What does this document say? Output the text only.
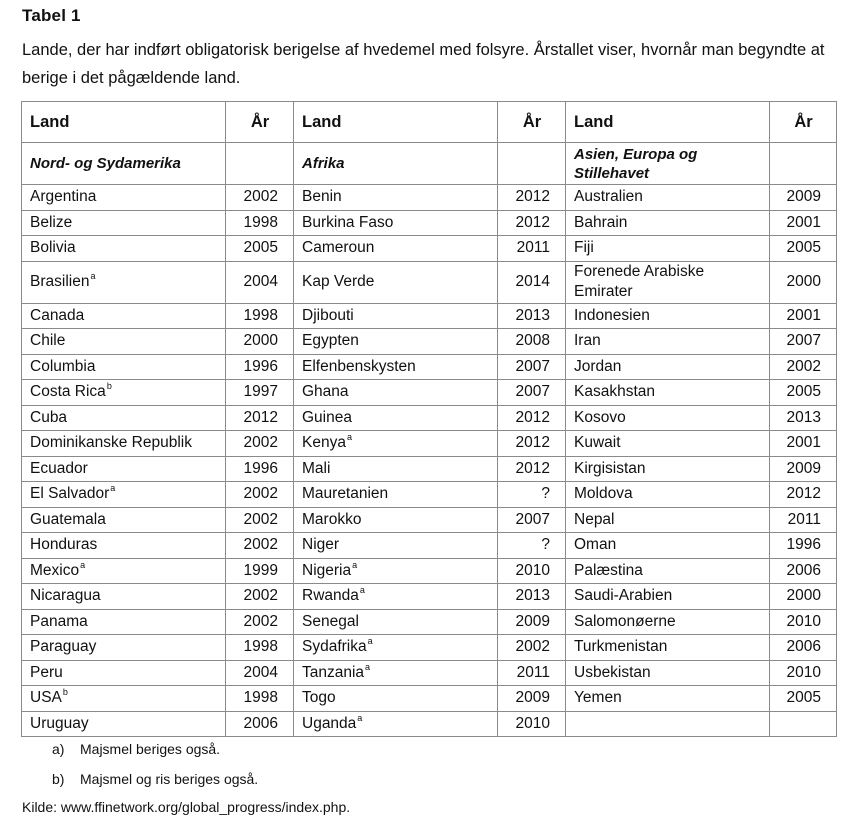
Tabel 1
Lande, der har indført obligatorisk berigelse af hvedemel med folsyre. Årstallet viser, hvornår man begyndte at berige i det pågældende land.
Land	År	Land	År	Land	År
Nord- og Sydamerika		Afrika		Asien, Europa og Stillehavet	
Argentina	2002	Benin	2012	Australien	2009
Belize	1998	Burkina Faso	2012	Bahrain	2001
Bolivia	2005	Cameroun	2011	Fiji	2005
Brasilien$^a$	2004	Kap Verde	2014	Forenede Arabiske Emirater	2000
Canada	1998	Djibouti	2013	Indonesien	2001
Chile	2000	Egypten	2008	Iran	2007
Columbia	1996	Elfenbenskysten	2007	Jordan	2002
Costa Rica$^b$	1997	Ghana	2007	Kasakhstan	2005
Cuba	2012	Guinea	2012	Kosovo	2013
Dominikanske Republik	2002	Kenya$^a$	2012	Kuwait	2001
Ecuador	1996	Mali	2012	Kirgisistan	2009
El Salvador$^a$	2002	Mauretanien	?	Moldova	2012
Guatemala	2002	Marokko	2007	Nepal	2011
Honduras	2002	Niger	?	Oman	1996
Mexico$^a$	1999	Nigeria$^a$	2010	Palæstina	2006
Nicaragua	2002	Rwanda$^a$	2013	Saudi-Arabien	2000
Panama	2002	Senegal	2009	Salomonøerne	2010
Paraguay	1998	Sydafrika$^a$	2002	Turkmenistan	2006
Peru	2004	Tanzania$^a$	2011	Usbekistan	2010
USA$^b$	1998	Togo	2009	Yemen	2005
Uruguay	2006	Uganda$^a$	2010		
a) Majsmel beriges også.
b) Majsmel og ris beriges også.
Kilde: www.ffinetwork.org/global_progress/index.php.
